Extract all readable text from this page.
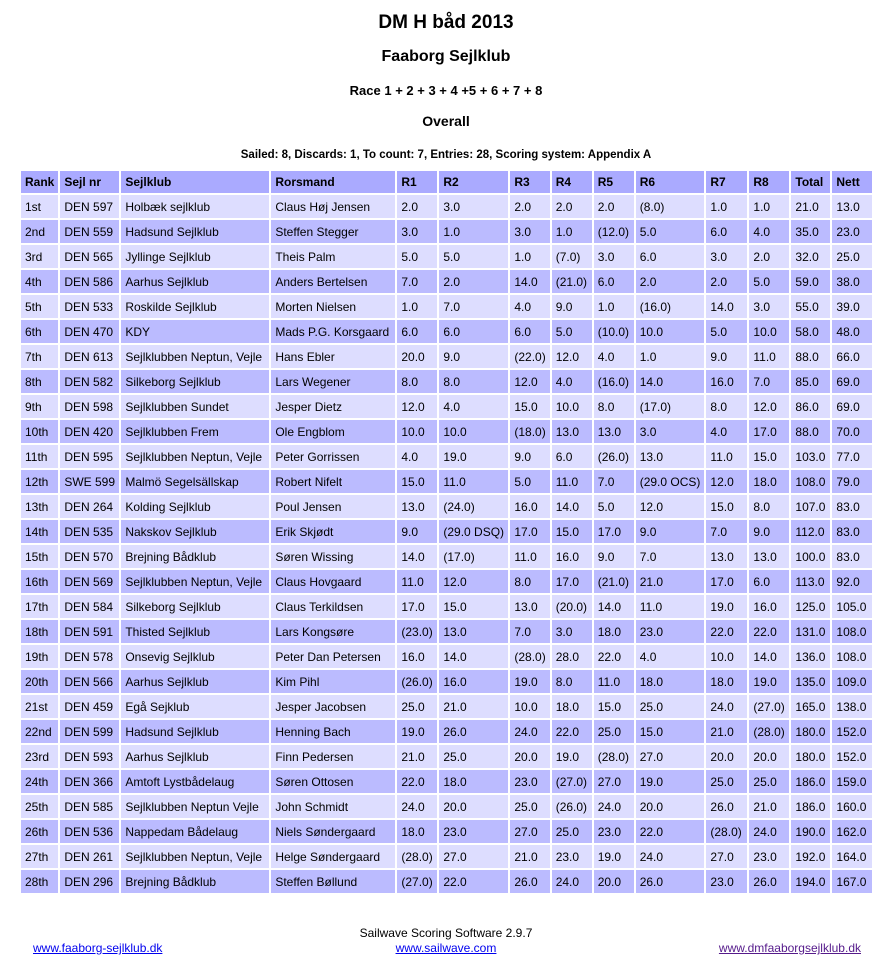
DM H båd 2013
Faaborg Sejlklub
Race 1 + 2 + 3 + 4 +5 + 6 + 7 + 8
Overall
Sailed: 8, Discards: 1, To count: 7, Entries: 28, Scoring system: Appendix A
Rank	Sejl nr	Sejlklub	Rorsmand	R1	R2	R3	R4	R5	R6	R7	R8	Total	Nett
1st	DEN 597	Holbæk sejlklub	Claus Høj Jensen	2.0	3.0	2.0	2.0	2.0	(8.0)	1.0	1.0	21.0	13.0
2nd	DEN 559	Hadsund Sejlklub	Steffen Stegger	3.0	1.0	3.0	1.0	(12.0)	5.0	6.0	4.0	35.0	23.0
3rd	DEN 565	Jyllinge Sejlklub	Theis Palm	5.0	5.0	1.0	(7.0)	3.0	6.0	3.0	2.0	32.0	25.0
4th	DEN 586	Aarhus Sejlklub	Anders Bertelsen	7.0	2.0	14.0	(21.0)	6.0	2.0	2.0	5.0	59.0	38.0
5th	DEN 533	Roskilde Sejlklub	Morten Nielsen	1.0	7.0	4.0	9.0	1.0	(16.0)	14.0	3.0	55.0	39.0
6th	DEN 470	KDY	Mads P.G. Korsgaard	6.0	6.0	6.0	5.0	(10.0)	10.0	5.0	10.0	58.0	48.0
7th	DEN 613	Sejlklubben Neptun, Vejle	Hans Ebler	20.0	9.0	(22.0)	12.0	4.0	1.0	9.0	11.0	88.0	66.0
8th	DEN 582	Silkeborg Sejlklub	Lars Wegener	8.0	8.0	12.0	4.0	(16.0)	14.0	16.0	7.0	85.0	69.0
9th	DEN 598	Sejlklubben Sundet	Jesper Dietz	12.0	4.0	15.0	10.0	8.0	(17.0)	8.0	12.0	86.0	69.0
10th	DEN 420	Sejlklubben Frem	Ole Engblom	10.0	10.0	(18.0)	13.0	13.0	3.0	4.0	17.0	88.0	70.0
11th	DEN 595	Sejlklubben Neptun, Vejle	Peter Gorrissen	4.0	19.0	9.0	6.0	(26.0)	13.0	11.0	15.0	103.0	77.0
12th	SWE 599	Malmö Segelsällskap	Robert Nifelt	15.0	11.0	5.0	11.0	7.0	(29.0 OCS)	12.0	18.0	108.0	79.0
13th	DEN 264	Kolding Sejlklub	Poul Jensen	13.0	(24.0)	16.0	14.0	5.0	12.0	15.0	8.0	107.0	83.0
14th	DEN 535	Nakskov Sejlklub	Erik Skjødt	9.0	(29.0 DSQ)	17.0	15.0	17.0	9.0	7.0	9.0	112.0	83.0
15th	DEN 570	Brejning Bådklub	Søren Wissing	14.0	(17.0)	11.0	16.0	9.0	7.0	13.0	13.0	100.0	83.0
16th	DEN 569	Sejlklubben Neptun, Vejle	Claus Hovgaard	11.0	12.0	8.0	17.0	(21.0)	21.0	17.0	6.0	113.0	92.0
17th	DEN 584	Silkeborg Sejlklub	Claus Terkildsen	17.0	15.0	13.0	(20.0)	14.0	11.0	19.0	16.0	125.0	105.0
18th	DEN 591	Thisted Sejlklub	Lars Kongsøre	(23.0)	13.0	7.0	3.0	18.0	23.0	22.0	22.0	131.0	108.0
19th	DEN 578	Onsevig Sejlklub	Peter Dan Petersen	16.0	14.0	(28.0)	28.0	22.0	4.0	10.0	14.0	136.0	108.0
20th	DEN 566	Aarhus Sejlklub	Kim Pihl	(26.0)	16.0	19.0	8.0	11.0	18.0	18.0	19.0	135.0	109.0
21st	DEN 459	Egå Sejklub	Jesper Jacobsen	25.0	21.0	10.0	18.0	15.0	25.0	24.0	(27.0)	165.0	138.0
22nd	DEN 599	Hadsund Sejlklub	Henning Bach	19.0	26.0	24.0	22.0	25.0	15.0	21.0	(28.0)	180.0	152.0
23rd	DEN 593	Aarhus Sejlklub	Finn Pedersen	21.0	25.0	20.0	19.0	(28.0)	27.0	20.0	20.0	180.0	152.0
24th	DEN 366	Amtoft Lystbådelaug	Søren Ottosen	22.0	18.0	23.0	(27.0)	27.0	19.0	25.0	25.0	186.0	159.0
25th	DEN 585	Sejlklubben Neptun Vejle	John Schmidt	24.0	20.0	25.0	(26.0)	24.0	20.0	26.0	21.0	186.0	160.0
26th	DEN 536	Nappedam Bådelaug	Niels Søndergaard	18.0	23.0	27.0	25.0	23.0	22.0	(28.0)	24.0	190.0	162.0
27th	DEN 261	Sejlklubben Neptun, Vejle	Helge Søndergaard	(28.0)	27.0	21.0	23.0	19.0	24.0	27.0	23.0	192.0	164.0
28th	DEN 296	Brejning Bådklub	Steffen Bøllund	(27.0)	22.0	26.0	24.0	20.0	26.0	23.0	26.0	194.0	167.0
Sailwave Scoring Software 2.9.7
www.faaborg-sejlklub.dk	www.sailwave.com	www.dmfaaborgsejlklub.dk
